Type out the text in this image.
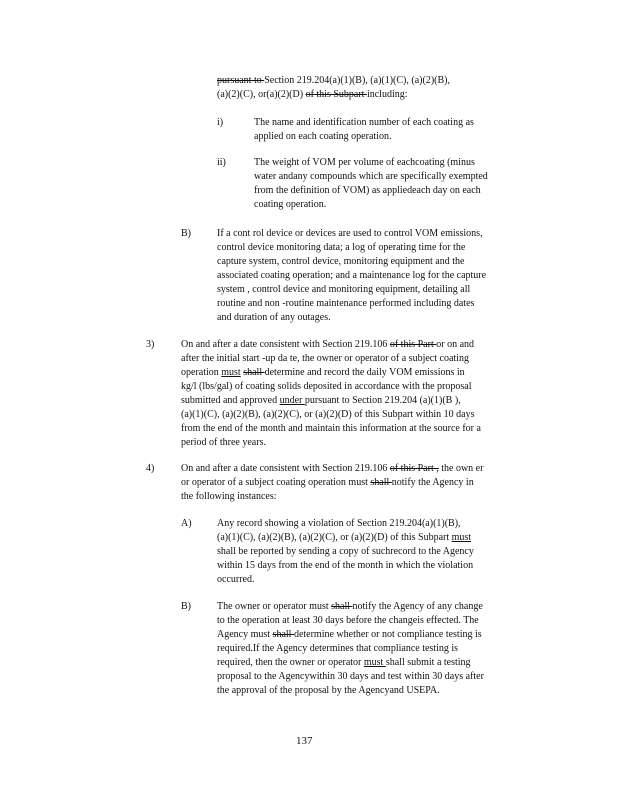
pursuant to Section 219.204(a)(1)(B), (a)(1)(C), (a)(2)(B),
(a)(2)(C), or(a)(2)(D) of this Subpart including:
i)	The name and identification number of each coating as
applied on each coating operation.
ii)	The weight of VOM per volume of eachcoating (minus
water andany compounds which are specifically exempted
from the definition of VOM) as appliedeach day on each
coating operation.
B)	If a cont rol device or devices are used to control VOM emissions,
control device monitoring data; a log of operating time for the
capture system, control device, monitoring equipment and the
associated coating operation; and a maintenance log for the capture
system , control device and monitoring equipment, detailing all
routine and non -routine maintenance performed including dates
and duration of any outages.
3)	On and after a date consistent with Section 219.106 of this Part or on and
after the initial start -up da te, the owner or operator of a subject coating
operation must shall determine and record the daily VOM emissions in
kg/l (lbs/gal) of coating solids deposited in accordance with the proposal
submitted and approved under pursuant to Section 219.204 (a)(1)(B ),
(a)(1)(C), (a)(2)(B), (a)(2)(C), or (a)(2)(D) of this Subpart within 10 days
from the end of the month and maintain this information at the source for a
period of three years.
4)	On and after a date consistent with Section 219.106 of this Part , the own er
or operator of a subject coating operation must shall notify the Agency in
the following instances:
A)	Any record showing a violation of Section 219.204(a)(1)(B),
(a)(1)(C), (a)(2)(B), (a)(2)(C), or (a)(2)(D) of this Subpart must
shall be reported by sending a copy of suchrecord to the Agency
within 15 days from the end of the month in which the violation
occurred.
B)	The owner or operator must shall notify the Agency of any change
to the operation at least 30 days before the changeis effected. The
Agency must shall determine whether or not compliance testing is
required.If the Agency determines that compliance testing is
required, then the owner or operator must shall submit a testing
proposal to the Agencywithin 30 days and test within 30 days after
the approval of the proposal by the Agencyand USEPA.
137
